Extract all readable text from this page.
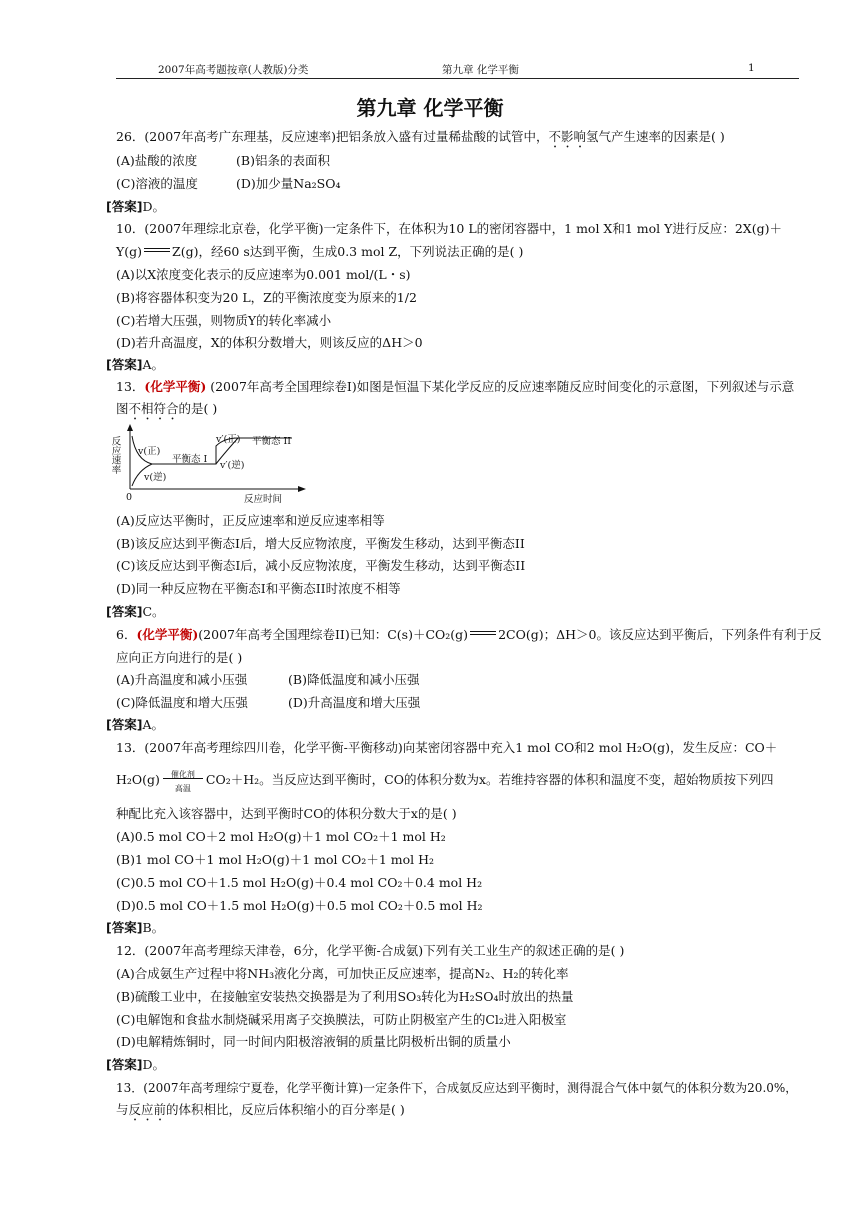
2007年高考题按章(人教版)分类	第九章 化学平衡	1
第九章 化学平衡
26．(2007年高考广东理基，反应速率)把铝条放入盛有过量稀盐酸的试管中，不影响氢气产生速率的因素是( )
(A)盐酸的浓度	(B)铝条的表面积
(C)溶液的温度	(D)加少量Na₂SO₄
[答案]D。
10．(2007年理综北京卷，化学平衡)一定条件下，在体积为10 L的密闭容器中，1 mol X和1 mol Y进行反应：2X(g)＋
Y(g) Z(g)，经60 s达到平衡，生成0.3 mol Z，下列说法正确的是( )
(A)以X浓度变化表示的反应速率为0.001 mol/(L・s)
(B)将容器体积变为20 L，Z的平衡浓度变为原来的1/2
(C)若增大压强，则物质Y的转化率减小
(D)若升高温度，X的体积分数增大，则该反应的ΔH＞0
[答案]A。
13．(化学平衡) (2007年高考全国理综卷I)如图是恒温下某化学反应的反应速率随反应时间变化的示意图，下列叙述与示意
图不相符合的是( )
反应速率
0	反应时间
v(正)
v(逆)
平衡态 I
v′(正)
v′(逆)
平衡态 II
(A)反应达平衡时，正反应速率和逆反应速率相等
(B)该反应达到平衡态I后，增大反应物浓度，平衡发生移动，达到平衡态II
(C)该反应达到平衡态I后，减小反应物浓度，平衡发生移动，达到平衡态II
(D)同一种反应物在平衡态I和平衡态II时浓度不相等
[答案]C。
6．(化学平衡)(2007年高考全国理综卷II)已知：C(s)＋CO₂(g) 2CO(g)；ΔH＞0。该反应达到平衡后，下列条件有利于反
应向正方向进行的是( )
(A)升高温度和减小压强	(B)降低温度和减小压强
(C)降低温度和增大压强	(D)升高温度和增大压强
[答案]A。
13．(2007年高考理综四川卷，化学平衡-平衡移动)向某密闭容器中充入1 mol CO和2 mol H₂O(g)，发生反应：CO＋
H₂O(g)	催化剂
高温
CO₂＋H₂。当反应达到平衡时，CO的体积分数为x。若维持容器的体积和温度不变，超始物质按下列四
种配比充入该容器中，达到平衡时CO的体积分数大于x的是( )
(A)0.5 mol CO＋2 mol H₂O(g)＋1 mol CO₂＋1 mol H₂
(B)1 mol CO＋1 mol H₂O(g)＋1 mol CO₂＋1 mol H₂
(C)0.5 mol CO＋1.5 mol H₂O(g)＋0.4 mol CO₂＋0.4 mol H₂
(D)0.5 mol CO＋1.5 mol H₂O(g)＋0.5 mol CO₂＋0.5 mol H₂
[答案]B。
12．(2007年高考理综天津卷，6分，化学平衡-合成氨)下列有关工业生产的叙述正确的是( )
(A)合成氨生产过程中将NH₃液化分离，可加快正反应速率，提高N₂、H₂的转化率
(B)硫酸工业中，在接触室安装热交换器是为了利用SO₃转化为H₂SO₄时放出的热量
(C)电解饱和食盐水制烧碱采用离子交换膜法，可防止阴极室产生的Cl₂进入阳极室
(D)电解精炼铜时，同一时间内阳极溶液铜的质量比阴极析出铜的质量小
[答案]D。
13．(2007年高考理综宁夏卷，化学平衡计算)一定条件下，合成氨反应达到平衡时，测得混合气体中氨气的体积分数为20.0%，
与反应前的体积相比，反应后体积缩小的百分率是( )
